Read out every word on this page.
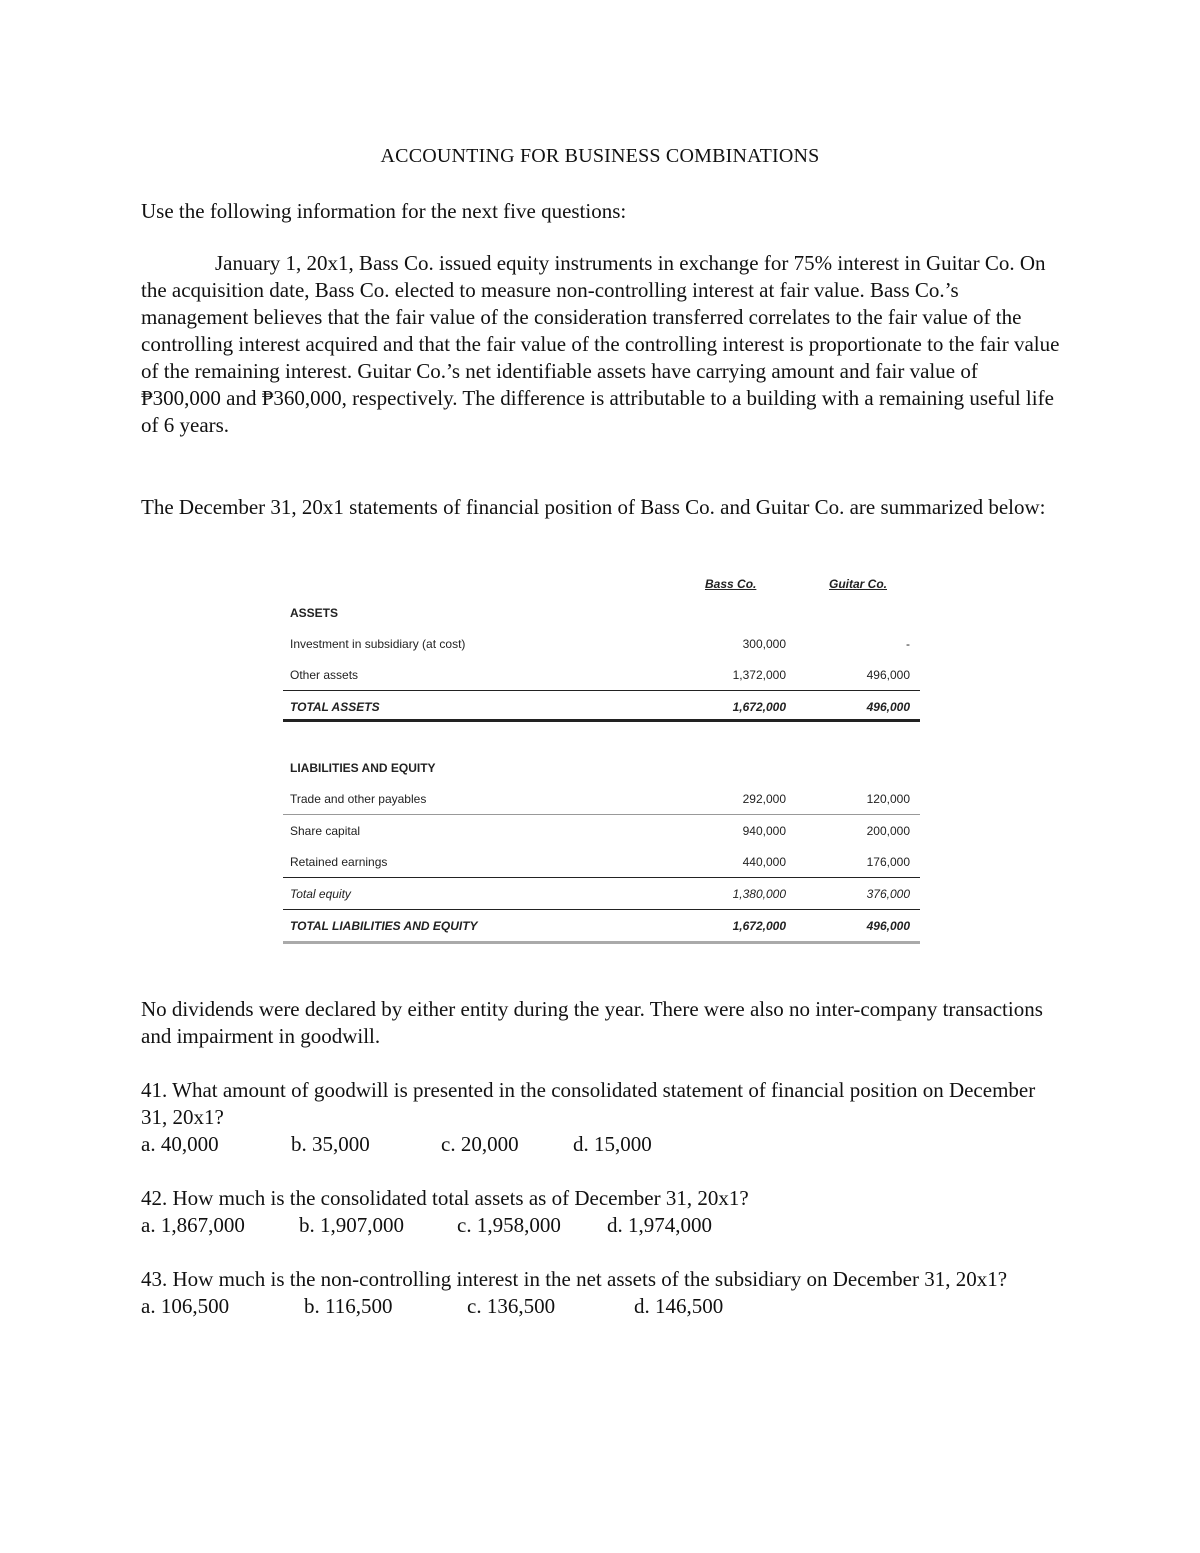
ACCOUNTING FOR BUSINESS COMBINATIONS

Use the following information for the next five questions:

January 1, 20x1, Bass Co. issued equity instruments in exchange for 75% interest in Guitar Co. On the acquisition date, Bass Co. elected to measure non-controlling interest at fair value. Bass Co.’s management believes that the fair value of the consideration transferred correlates to the fair value of the controlling interest acquired and that the fair value of the controlling interest is proportionate to the fair value of the remaining interest. Guitar Co.’s net identifiable assets have carrying amount and fair value of ₱300,000 and ₱360,000, respectively. The difference is attributable to a building with a remaining useful life of 6 years.

The December 31, 20x1 statements of financial position of Bass Co. and Guitar Co. are summarized below:

Bass Co.	Guitar Co.
ASSETS
Investment in subsidiary (at cost)	300,000	-
Other assets	1,372,000	496,000
TOTAL ASSETS	1,672,000	496,000
LIABILITIES AND EQUITY
Trade and other payables	292,000	120,000
Share capital	940,000	200,000
Retained earnings	440,000	176,000
Total equity	1,380,000	376,000
TOTAL LIABILITIES AND EQUITY	1,672,000	496,000

No dividends were declared by either entity during the year. There were also no inter-company transactions and impairment in goodwill.

41. What amount of goodwill is presented in the consolidated statement of financial position on December 31, 20x1?

a. 40,000	b. 35,000	c. 20,000	d. 15,000

42. How much is the consolidated total assets as of December 31, 20x1?

a. 1,867,000	b. 1,907,000	c. 1,958,000	d. 1,974,000

43. How much is the non-controlling interest in the net assets of the subsidiary on December 31, 20x1?

a. 106,500	b. 116,500	c. 136,500	d. 146,500
